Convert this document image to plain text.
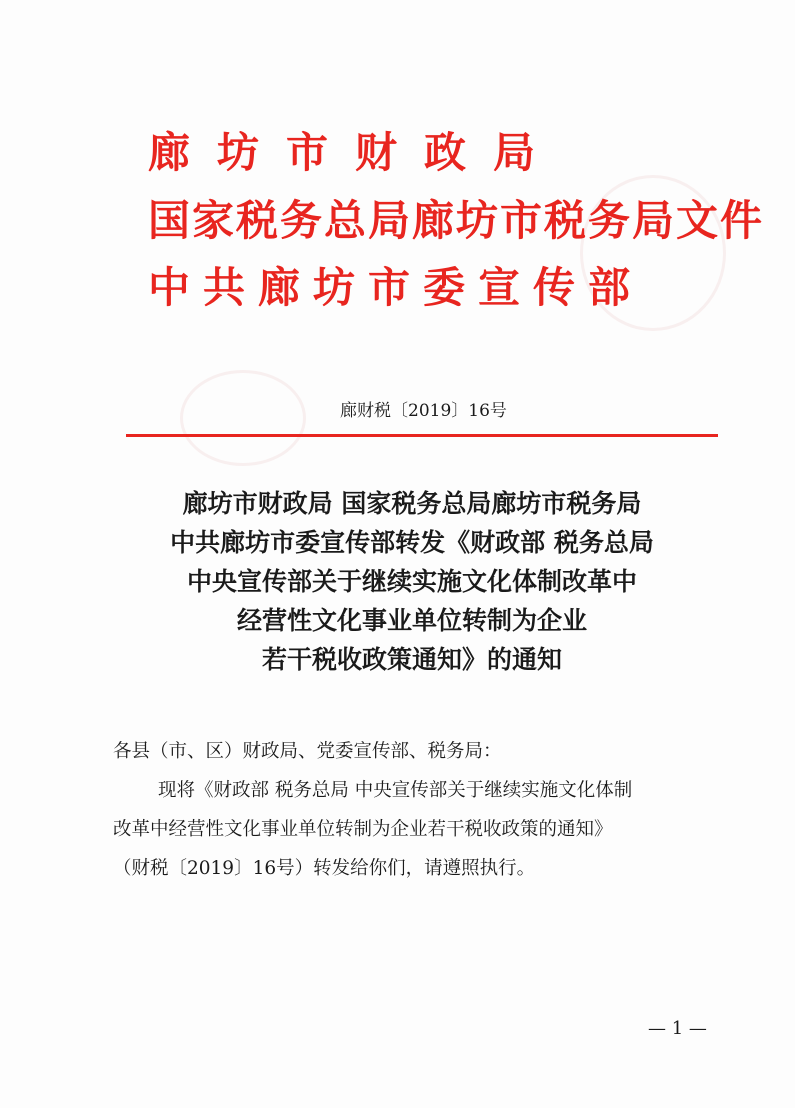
廊坊市财政局
国家税务总局廊坊市税务局文件
中共廊坊市委宣传部
廊财税〔2019〕16号
廊坊市财政局 国家税务总局廊坊市税务局
中共廊坊市委宣传部转发《财政部 税务总局
中央宣传部关于继续实施文化体制改革中
经营性文化事业单位转制为企业
若干税收政策通知》的通知
各县（市、区）财政局、党委宣传部、税务局：
现将《财政部 税务总局 中央宣传部关于继续实施文化体制
改革中经营性文化事业单位转制为企业若干税收政策的通知》
（财税〔2019〕16号）转发给你们，请遵照执行。
— 1 —
